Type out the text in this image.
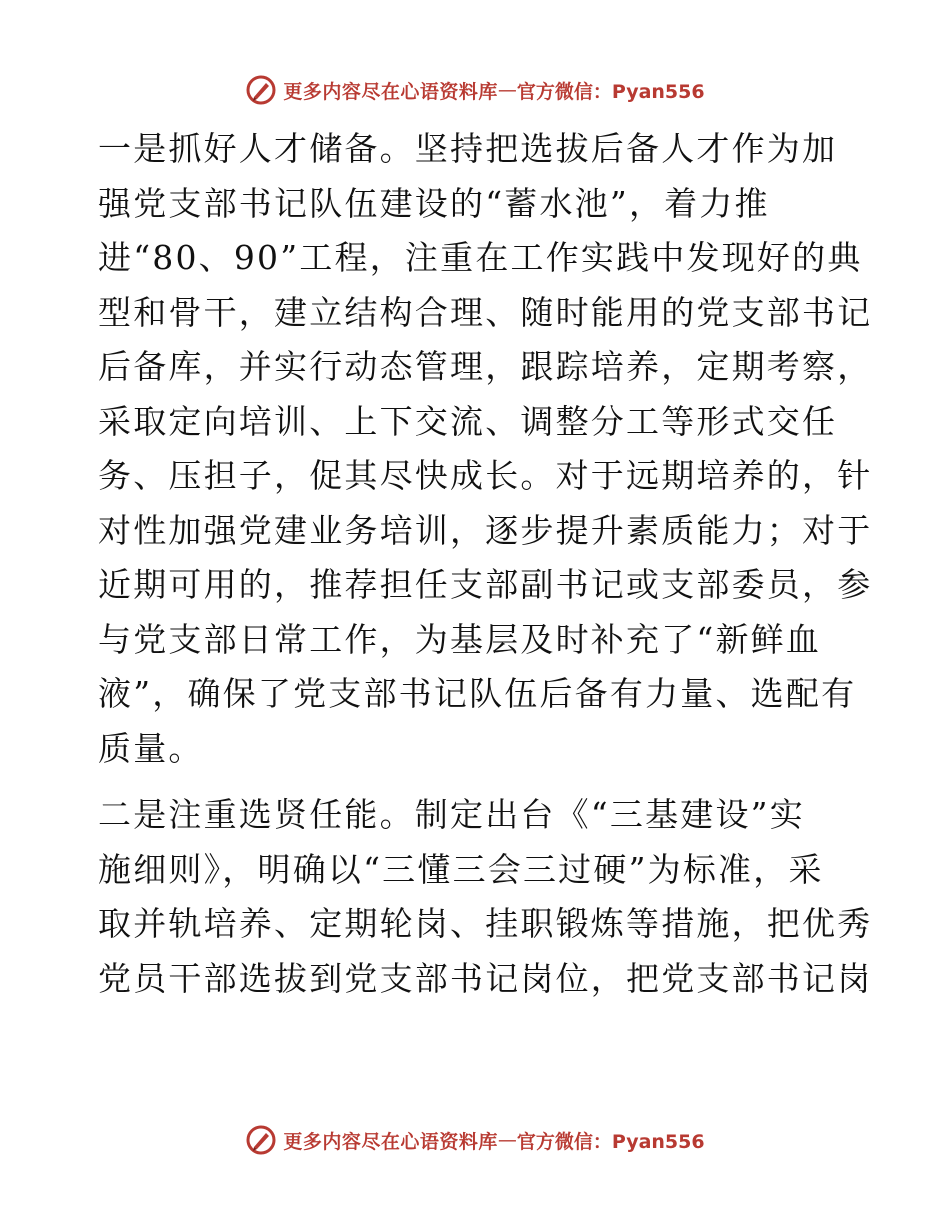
更多内容尽在心语资料库 — 官方微信：Pyan556
一是抓好人才储备。坚持把选拔后备人才作为加
强党支部书记队伍建设的“蓄水池”，着力推
进“80、90”工程，注重在工作实践中发现好的典
型和骨干，建立结构合理、随时能用的党支部书记
后备库，并实行动态管理，跟踪培养，定期考察，
采取定向培训、上下交流、调整分工等形式交任
务、压担子，促其尽快成长。对于远期培养的，针
对性加强党建业务培训，逐步提升素质能力；对于
近期可用的，推荐担任支部副书记或支部委员，参
与党支部日常工作，为基层及时补充了“新鲜血
液”，确保了党支部书记队伍后备有力量、选配有
质量。
二是注重选贤任能。制定出台《“三基建设”实
施细则》，明确以“三懂三会三过硬”为标准，采
取并轨培养、定期轮岗、挂职锻炼等措施，把优秀
党员干部选拔到党支部书记岗位，把党支部书记岗
更多内容尽在心语资料库 — 官方微信：Pyan556
